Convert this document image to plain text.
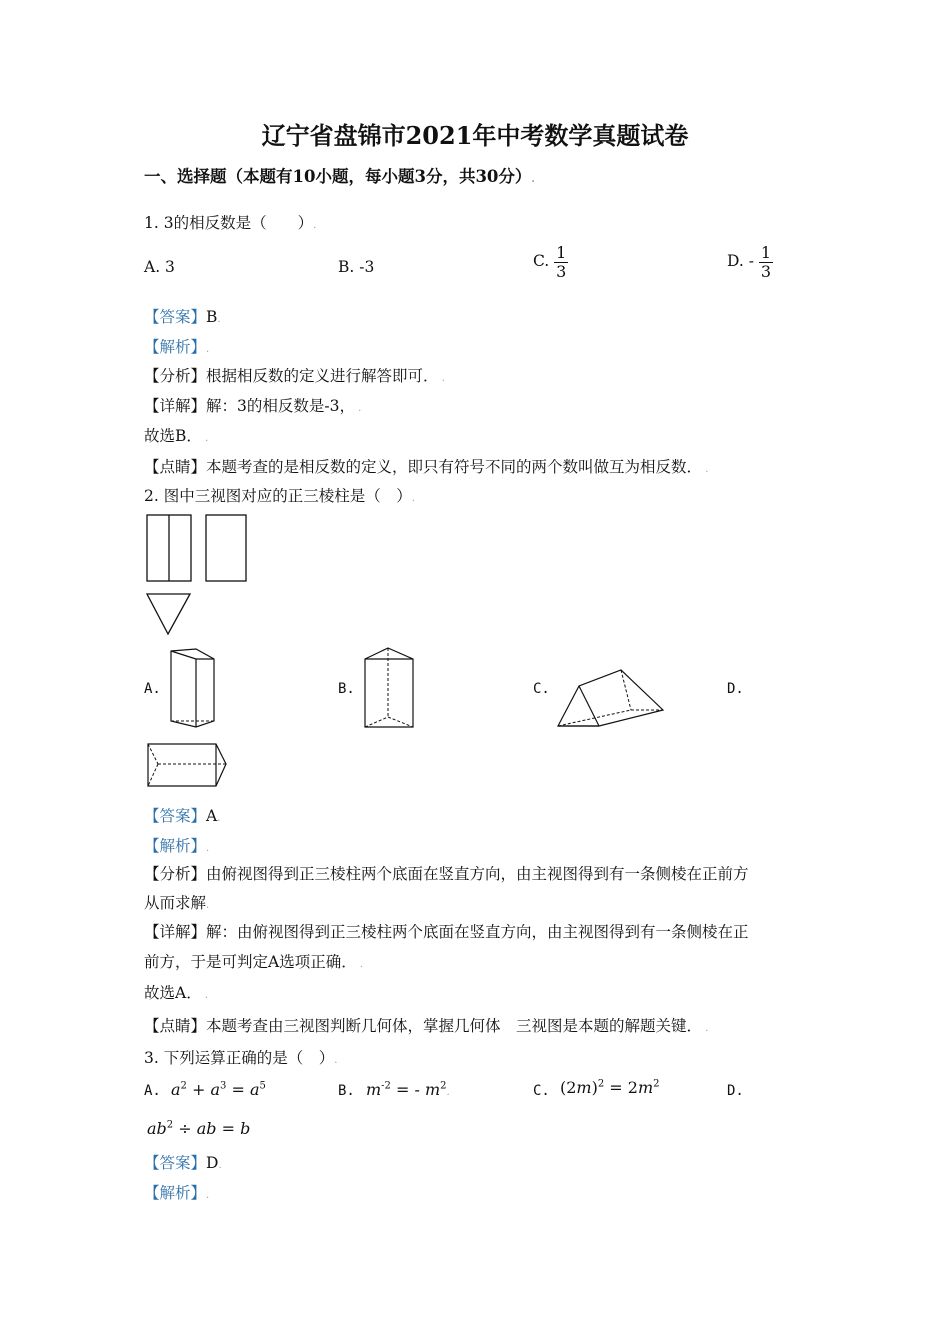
辽宁省盘锦市2021年中考数学真题试卷
一、选择题（本题有10小题，每小题3分，共30分）.
1. 3的相反数是（　　）.
A. 3	B. -3	C. $\frac{1}{3}$	D. - $\frac{1}{3}$
【答案】B.
【解析】.
【分析】根据相反数的定义进行解答即可． .
【详解】解：3的相反数是-3， .
故选B． .
【点睛】本题考查的是相反数的定义，即只有符号不同的两个数叫做互为相反数． .
2. 图中三视图对应的正三棱柱是（　）.
A.	B.	C.	D.
【答案】A.
【解析】.
【分析】由俯视图得到正三棱柱两个底面在竖直方向，由主视图得到有一条侧棱在正前方
从而求解.
【详解】解：由俯视图得到正三棱柱两个底面在竖直方向，由主视图得到有一条侧棱在正
前方，于是可判定A选项正确． .
故选A． .
【点睛】本题考查由三视图判断几何体，掌握几何体　三视图是本题的解题关键． .
3. 下列运算正确的是（　）.
A. $a^2 + a^3 = a^5$	B. $m^{-2}$ = - $m^2$.	C. $(2m)^2 = 2m^2$	D.
$ab^2$ ÷ ab = b
【答案】D.
【解析】.
